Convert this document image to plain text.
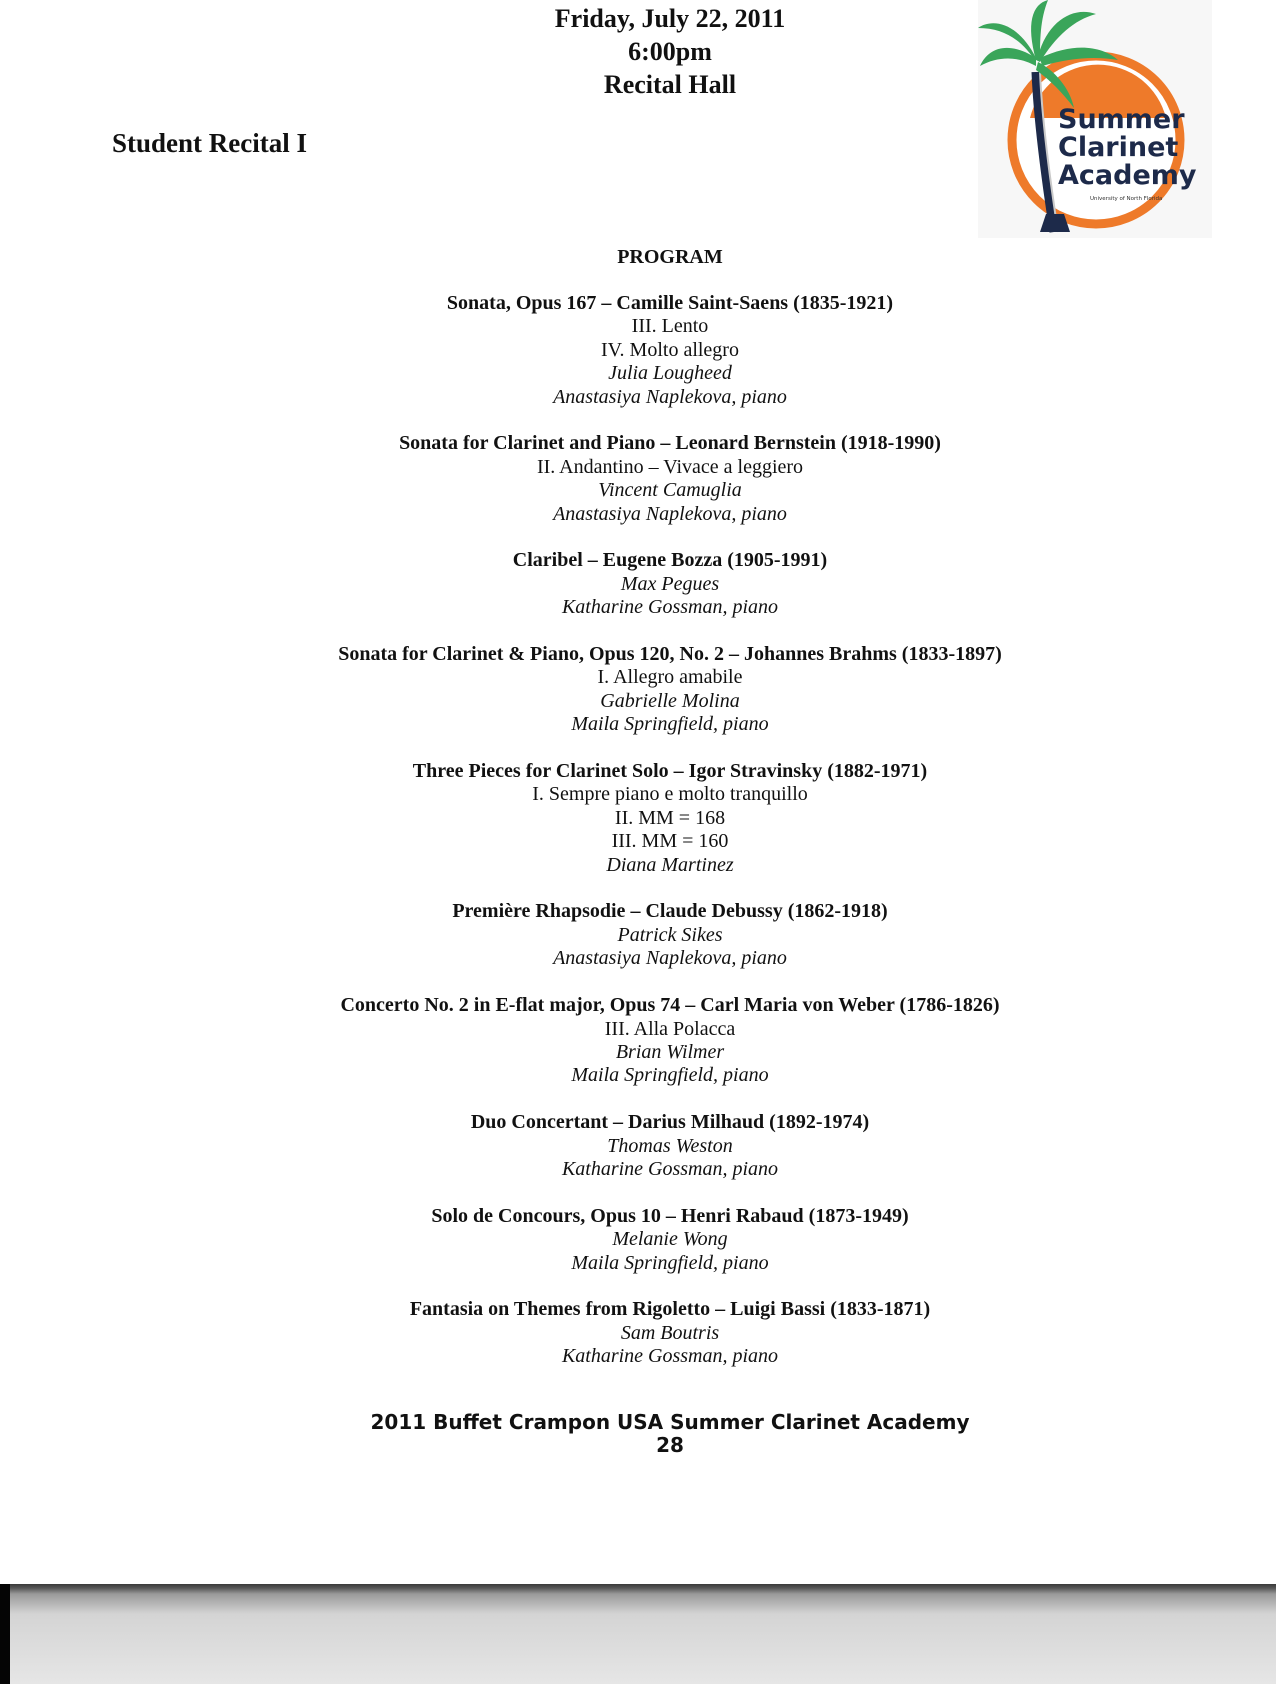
Friday, July 22, 2011
6:00pm
Recital Hall
Student Recital I
Summer
Clarinet
Academy
University of North Florida
PROGRAM
Sonata, Opus 167 – Camille Saint-Saens (1835-1921)
III. Lento
IV. Molto allegro
Julia Lougheed
Anastasiya Naplekova, piano
Sonata for Clarinet and Piano – Leonard Bernstein (1918-1990)
II. Andantino – Vivace a leggiero
Vincent Camuglia
Anastasiya Naplekova, piano
Claribel – Eugene Bozza (1905-1991)
Max Pegues
Katharine Gossman, piano
Sonata for Clarinet & Piano, Opus 120, No. 2 – Johannes Brahms (1833-1897)
I. Allegro amabile
Gabrielle Molina
Maila Springfield, piano
Three Pieces for Clarinet Solo – Igor Stravinsky (1882-1971)
I. Sempre piano e molto tranquillo
II. MM = 168
III. MM = 160
Diana Martinez
Première Rhapsodie – Claude Debussy (1862-1918)
Patrick Sikes
Anastasiya Naplekova, piano
Concerto No. 2 in E-flat major, Opus 74 – Carl Maria von Weber (1786-1826)
III. Alla Polacca
Brian Wilmer
Maila Springfield, piano
Duo Concertant – Darius Milhaud (1892-1974)
Thomas Weston
Katharine Gossman, piano
Solo de Concours, Opus 10 – Henri Rabaud (1873-1949)
Melanie Wong
Maila Springfield, piano
Fantasia on Themes from Rigoletto – Luigi Bassi (1833-1871)
Sam Boutris
Katharine Gossman, piano
2011 Buffet Crampon USA Summer Clarinet Academy
28
